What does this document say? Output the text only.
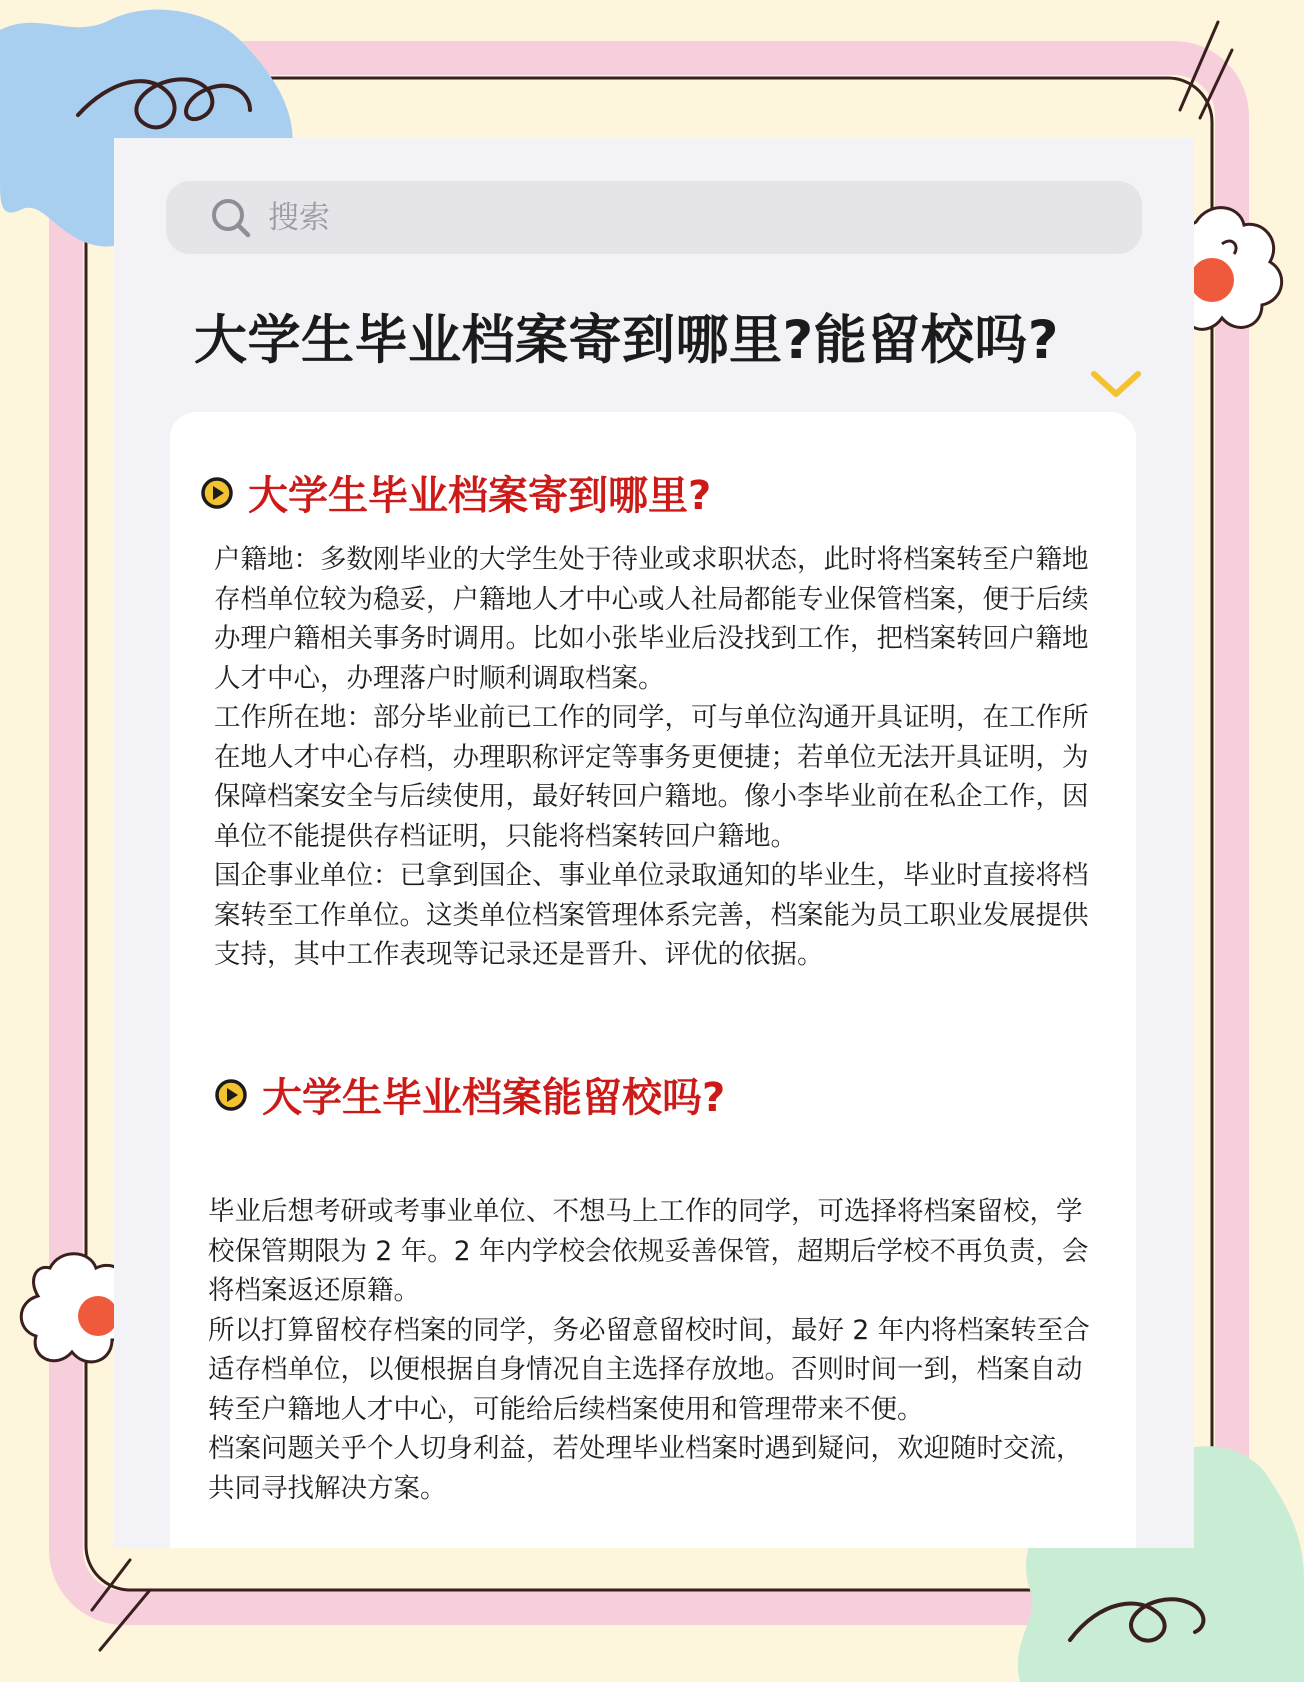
搜索
大学生毕业档案寄到哪里?能留校吗?
大学生毕业档案寄到哪里?

户籍地：多数刚毕业的大学生处于待业或求职状态，此时将档案转至户籍地存档单位较为稳妥，户籍地人才中心或人社局都能专业保管档案，便于后续办理户籍相关事务时调用。比如小张毕业后没找到工作，把档案转回户籍地人才中心，办理落户时顺利调取档案。

工作所在地：部分毕业前已工作的同学，可与单位沟通开具证明，在工作所在地人才中心存档，办理职称评定等事务更便捷；若单位无法开具证明，为保障档案安全与后续使用，最好转回户籍地。像小李毕业前在私企工作，因单位不能提供存档证明，只能将档案转回户籍地。

国企事业单位：已拿到国企、事业单位录取通知的毕业生，毕业时直接将档案转至工作单位。这类单位档案管理体系完善，档案能为员工职业发展提供支持，其中工作表现等记录还是晋升、评优的依据。

大学生毕业档案能留校吗?

毕业后想考研或考事业单位、不想马上工作的同学，可选择将档案留校，学校保管期限为 2 年。2 年内学校会依规妥善保管，超期后学校不再负责，会将档案返还原籍。

所以打算留校存档案的同学，务必留意留校时间，最好 2 年内将档案转至合适存档单位，以便根据自身情况自主选择存放地。否则时间一到，档案自动转至户籍地人才中心，可能给后续档案使用和管理带来不便。

档案问题关乎个人切身利益，若处理毕业档案时遇到疑问，欢迎随时交流，共同寻找解决方案。
